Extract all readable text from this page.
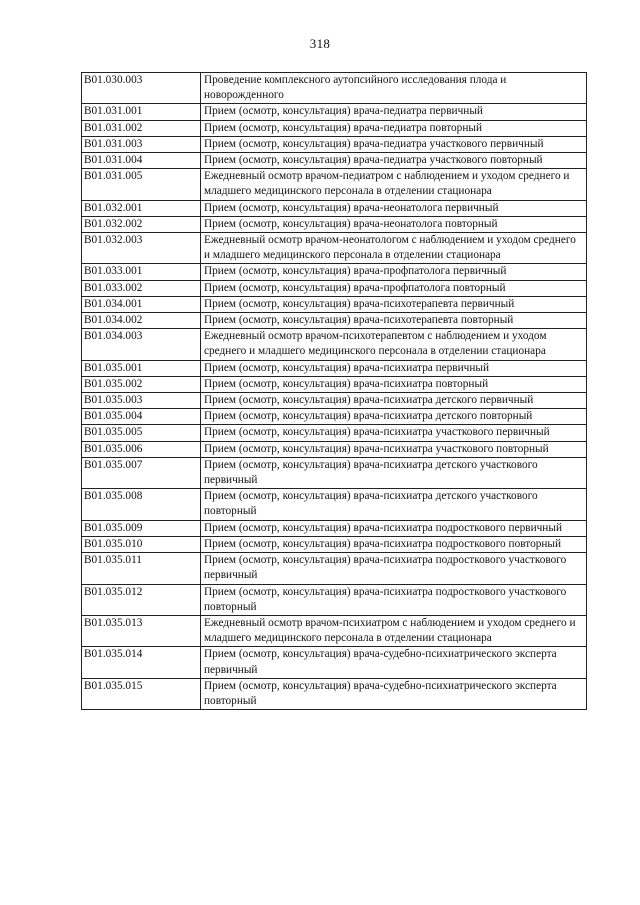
318
B01.030.003	Проведение комплексного аутопсийного исследования плода и новорожденного
B01.031.001	Прием (осмотр, консультация) врача-педиатра первичный
B01.031.002	Прием (осмотр, консультация) врача-педиатра повторный
B01.031.003	Прием (осмотр, консультация) врача-педиатра участкового первичный
B01.031.004	Прием (осмотр, консультация) врача-педиатра участкового повторный
B01.031.005	Ежедневный осмотр врачом-педиатром с наблюдением и уходом среднего и младшего медицинского персонала в отделении стационара
B01.032.001	Прием (осмотр, консультация) врача-неонатолога первичный
B01.032.002	Прием (осмотр, консультация) врача-неонатолога повторный
B01.032.003	Ежедневный осмотр врачом-неонатологом с наблюдением и уходом среднего и младшего медицинского персонала в отделении стационара
B01.033.001	Прием (осмотр, консультация) врача-профпатолога первичный
B01.033.002	Прием (осмотр, консультация) врача-профпатолога повторный
B01.034.001	Прием (осмотр, консультация) врача-психотерапевта первичный
B01.034.002	Прием (осмотр, консультация) врача-психотерапевта повторный
B01.034.003	Ежедневный осмотр врачом-психотерапевтом с наблюдением и уходом среднего и младшего медицинского персонала в отделении стационара
B01.035.001	Прием (осмотр, консультация) врача-психиатра первичный
B01.035.002	Прием (осмотр, консультация) врача-психиатра повторный
B01.035.003	Прием (осмотр, консультация) врача-психиатра детского первичный
B01.035.004	Прием (осмотр, консультация) врача-психиатра детского повторный
B01.035.005	Прием (осмотр, консультация) врача-психиатра участкового первичный
B01.035.006	Прием (осмотр, консультация) врача-психиатра участкового повторный
B01.035.007	Прием (осмотр, консультация) врача-психиатра детского участкового первичный
B01.035.008	Прием (осмотр, консультация) врача-психиатра детского участкового повторный
B01.035.009	Прием (осмотр, консультация) врача-психиатра подросткового первичный
B01.035.010	Прием (осмотр, консультация) врача-психиатра подросткового повторный
B01.035.011	Прием (осмотр, консультация) врача-психиатра подросткового участкового первичный
B01.035.012	Прием (осмотр, консультация) врача-психиатра подросткового участкового повторный
B01.035.013	Ежедневный осмотр врачом-психиатром с наблюдением и уходом среднего и младшего медицинского персонала в отделении стационара
B01.035.014	Прием (осмотр, консультация) врача-судебно-психиатрического эксперта первичный
B01.035.015	Прием (осмотр, консультация) врача-судебно-психиатрического эксперта повторный
